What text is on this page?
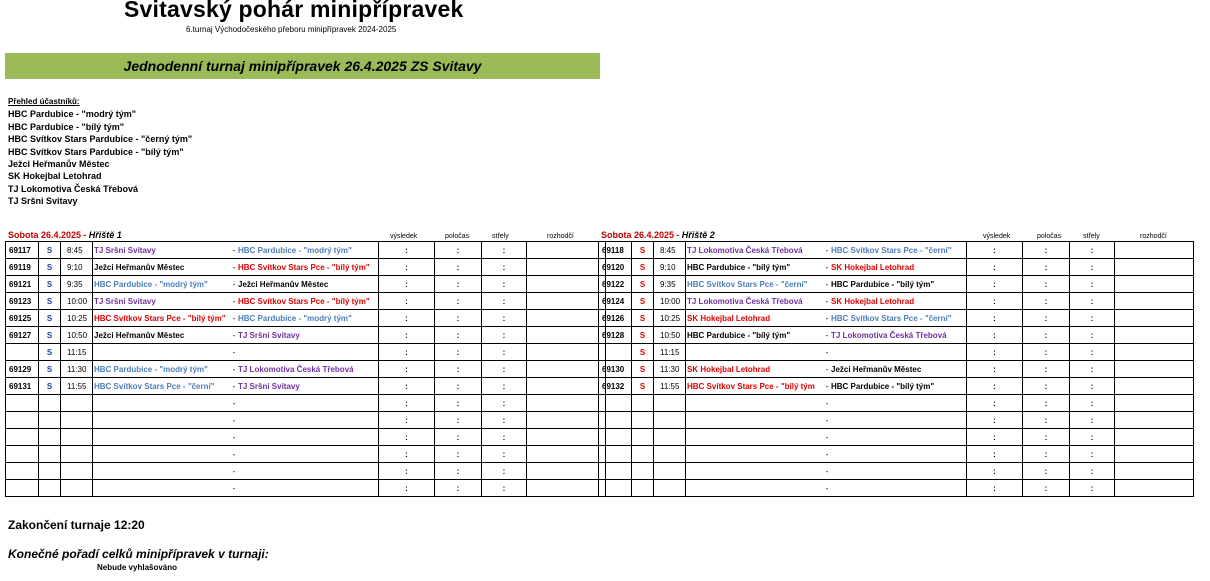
Svitavský pohár minipřípravek
6.turnaj Východočeského přeboru minipřípravek 2024-2025
Jednodenní turnaj minipřípravek 26.4.2025 ZS Svitavy
Přehled účastníků:
HBC Pardubice - "modrý tým"
HBC Pardubice - "bílý tým"
HBC Svítkov Stars Pardubice - "černý tým"
HBC Svítkov Stars Pardubice - "bílý tým"
Ježci Heřmanův Městec
SK Hokejbal Letohrad
TJ Lokomotiva Česká Třebová
TJ Sršni Svitavy
Sobota 26.4.2025 - Hřiště 1	výsledek	poločas	střely	rozhodčí	Sobota 26.4.2025 - Hřiště 2	výsledek	poločas	střely	rozhodčí
69117	S	8:45	TJ Sršni Svitavy - HBC Pardubice - "modrý tým"	:	:	:	
69119	S	9:10	Ježci Heřmanův Městec - HBC Svítkov Stars Pce - "bílý tým"	:	:	:	
69121	S	9:35	HBC Pardubice - "modrý tým" - Ježci Heřmanův Městec	:	:	:	
69123	S	10:00	TJ Sršni Svitavy - HBC Svítkov Stars Pce - "bílý tým"	:	:	:	
69125	S	10:25	HBC Svítkov Stars Pce - "bílý tým" - HBC Pardubice - "modrý tým"	:	:	:	
69127	S	10:50	Ježci Heřmanův Městec - TJ Sršni Svitavy	:	:	:	
	S	11:15	-	:	:	:	
69129	S	11:30	HBC Pardubice - "modrý tým" - TJ Lokomotiva Česká Třebová	:	:	:	
69131	S	11:55	HBC Svítkov Stars Pce - "černí" - TJ Sršni Svitavy	:	:	:	
			-	:	:	:	
			-	:	:	:	
			-	:	:	:	
			-	:	:	:	
			-	:	:	:	
			-	:	:	:	
69118	S	8:45	TJ Lokomotiva Česká Třebová - HBC Svítkov Stars Pce - "černí"	:	:	:	
69120	S	9:10	HBC Pardubice - "bílý tým" - SK Hokejbal Letohrad	:	:	:	
69122	S	9:35	HBC Svítkov Stars Pce - "černí" - HBC Pardubice - "bílý tým"	:	:	:	
69124	S	10:00	TJ Lokomotiva Česká Třebová - SK Hokejbal Letohrad	:	:	:	
69126	S	10:25	SK Hokejbal Letohrad - HBC Svítkov Stars Pce - "černí"	:	:	:	
69128	S	10:50	HBC Pardubice - "bílý tým" - TJ Lokomotiva Česká Třebová	:	:	:	
	S	11:15	-	:	:	:	
69130	S	11:30	SK Hokejbal Letohrad - Ježci Heřmanův Městec	:	:	:	
69132	S	11:55	HBC Svítkov Stars Pce - "bílý tým - HBC Pardubice - "bílý tým"	:	:	:	
			-	:	:	:	
			-	:	:	:	
			-	:	:	:	
			-	:	:	:	
			-	:	:	:	
			-	:	:	:	
Zakončení turnaje 12:20
Konečné pořadí celků minipřípravek v turnaji:
Nebude vyhlašováno
